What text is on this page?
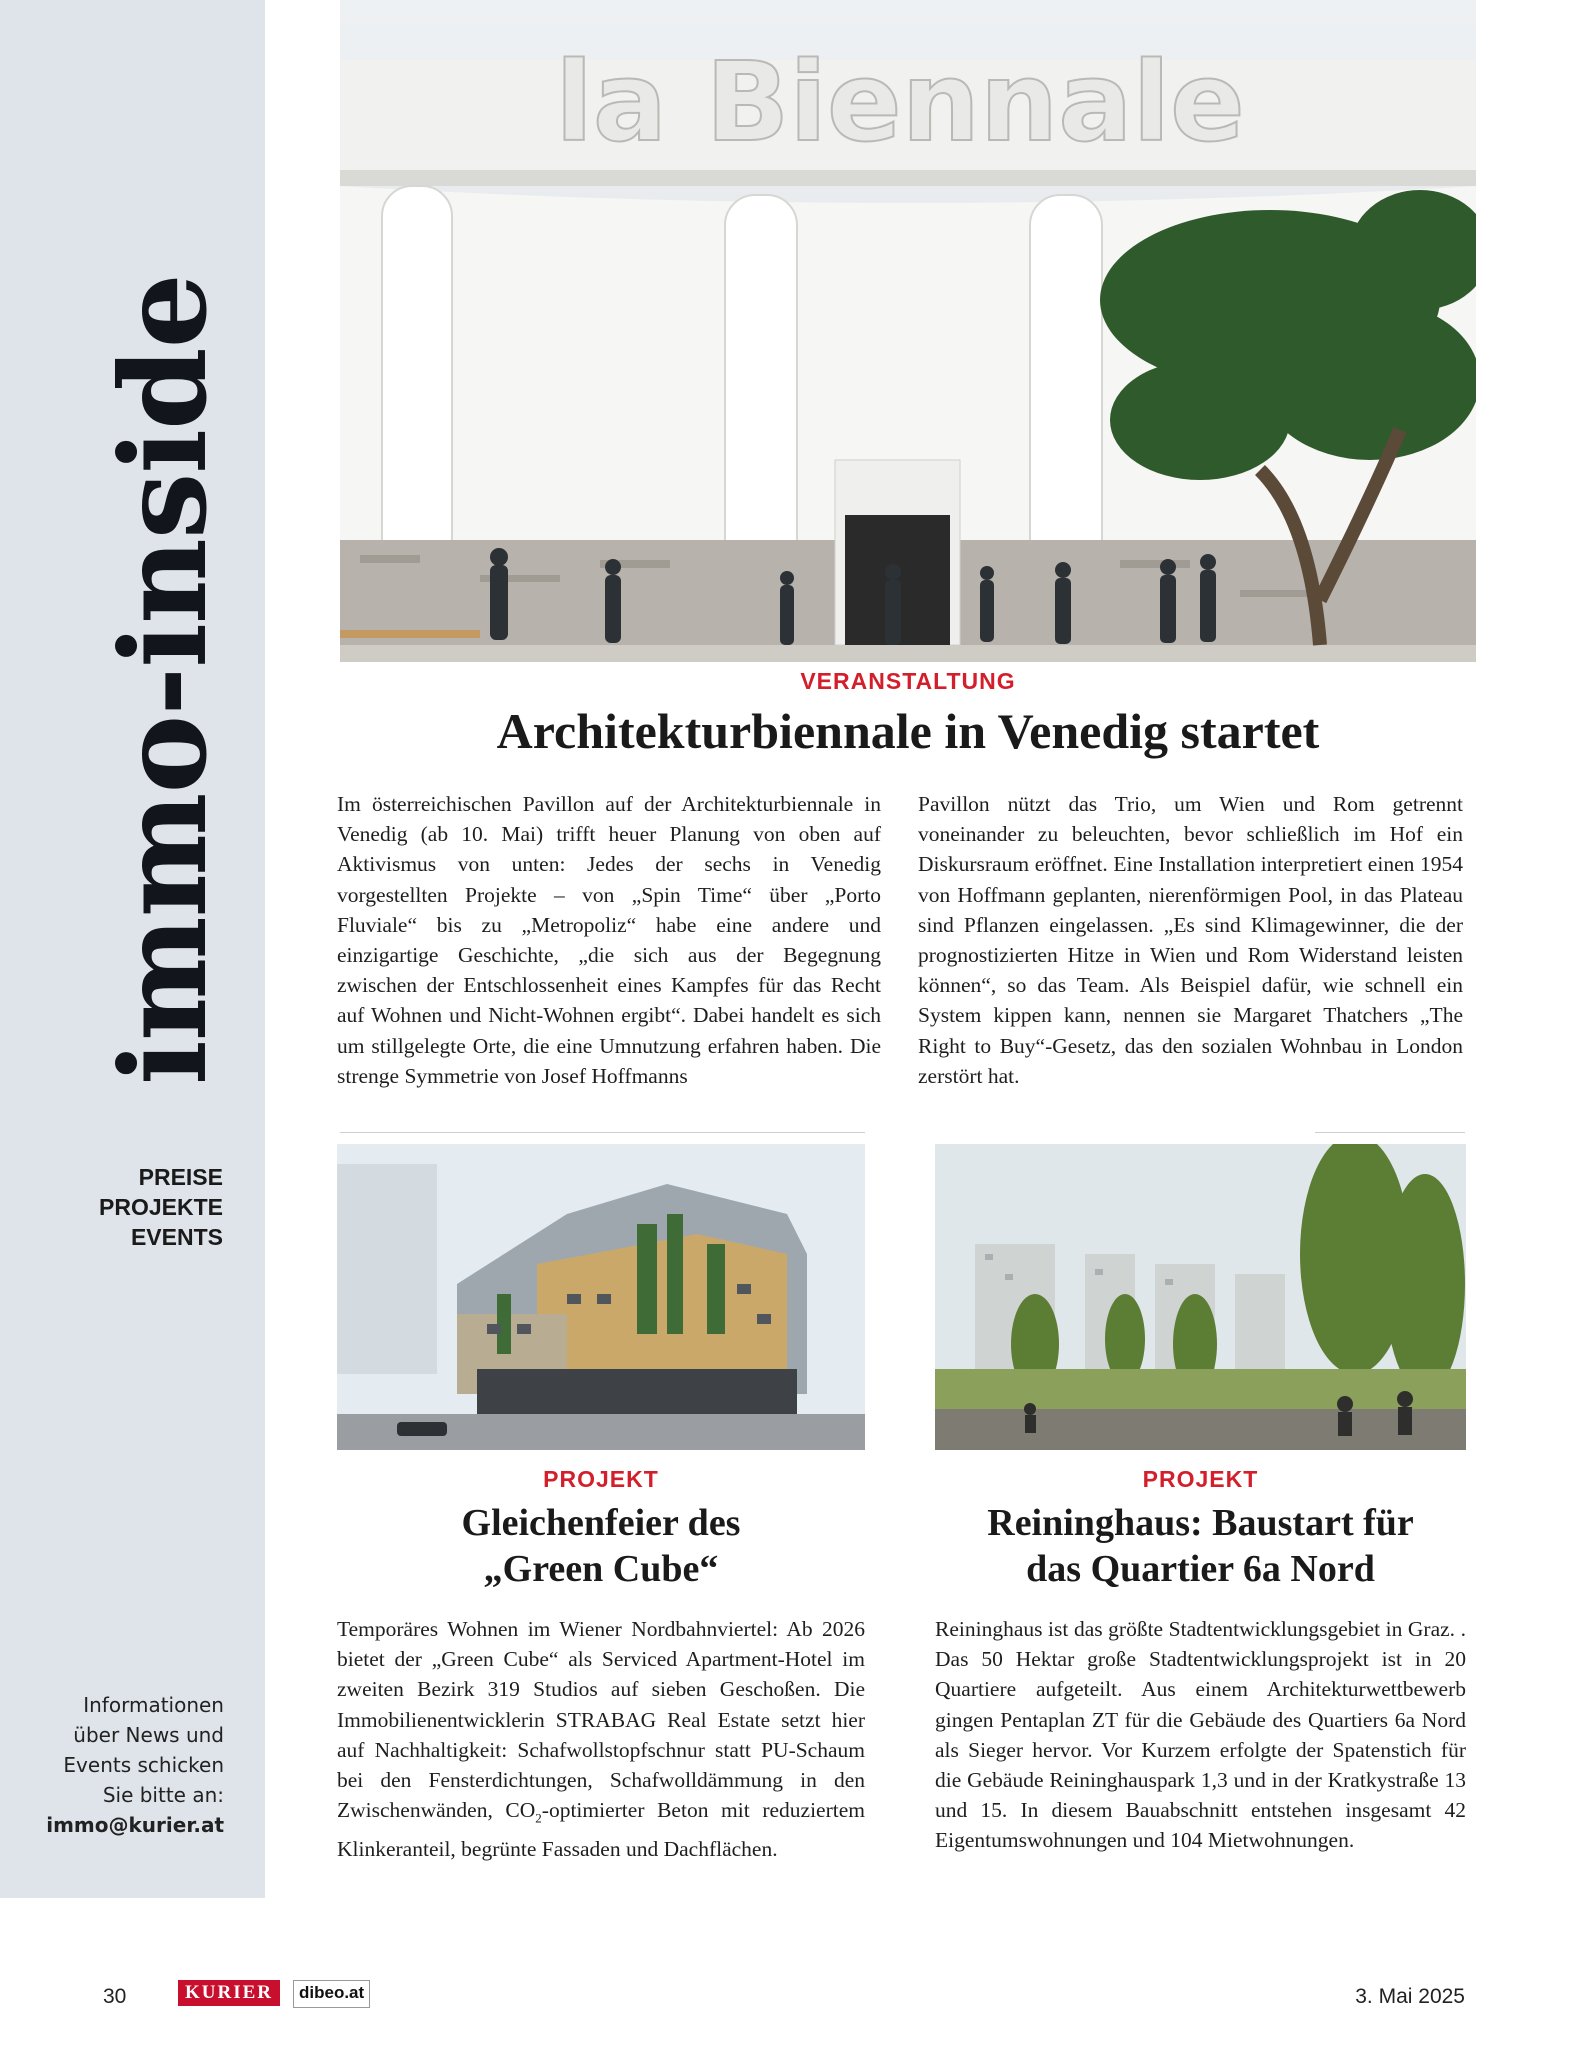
immo-inside
PREISE
PROJEKTE
EVENTS
Informationen
über News und
Events schicken
Sie bitte an:
immo@kurier.at
la Biennale
VERANSTALTUNG
Architekturbiennale in Venedig startet
Im österreichischen Pavillon auf der Architekturbiennale in Venedig (ab 10. Mai) trifft heuer Planung von oben auf Aktivismus von unten: Jedes der sechs in Venedig vorgestellten Projekte – von „Spin Time“ über „Porto Fluviale“ bis zu „Metropoliz“ habe eine andere und einzigartige Geschichte, „die sich aus der Begegnung zwischen der Entschlossenheit eines Kampfes für das Recht auf Wohnen und Nicht-Wohnen ergibt“. Dabei handelt es sich um stillgelegte Orte, die eine Umnutzung erfahren haben. Die strenge Symmetrie von Josef Hoffmanns
Pavillon nützt das Trio, um Wien und Rom getrennt voneinander zu beleuchten, bevor schließlich im Hof ein Diskursraum eröffnet. Eine Installation interpretiert einen 1954 von Hoffmann geplanten, nierenförmigen Pool, in das Plateau sind Pflanzen eingelassen. „Es sind Klimagewinner, die der prognostizierten Hitze in Wien und Rom Widerstand leisten können“, so das Team. Als Beispiel dafür, wie schnell ein System kippen kann, nennen sie Margaret Thatchers „The Right to Buy“-Gesetz, das den sozialen Wohnbau in London zerstört hat.
PROJEKT
Gleichenfeier des
„Green Cube“
Temporäres Wohnen im Wiener Nordbahnviertel: Ab 2026 bietet der „Green Cube“ als Serviced Apartment-Hotel im zweiten Bezirk 319 Studios auf sieben Geschoßen. Die Immobilienentwicklerin STRABAG Real Estate setzt hier auf Nachhaltigkeit: Schafwollstopfschnur statt PU-Schaum bei den Fensterdichtungen, Schafwolldämmung in den Zwischenwänden, $CO_2$-optimierter Beton mit reduziertem Klinkeranteil, begrünte Fassaden und Dachflächen.
PROJEKT
Reininghaus: Baustart für
das Quartier 6a Nord
Reininghaus ist das größte Stadtentwicklungsgebiet in Graz. . Das 50 Hektar große Stadtentwicklungsprojekt ist in 20 Quartiere aufgeteilt. Aus einem Architekturwettbewerb gingen Pentaplan ZT für die Gebäude des Quartiers 6a Nord als Sieger hervor. Vor Kurzem erfolgte der Spatenstich für die Gebäude Reininghauspark 1,3 und in der Kratkystraße 13 und 15. In diesem Bauabschnitt entstehen insgesamt 42 Eigentumswohnungen und 104 Mietwohnungen.
30	KURIER	dibeo.at	3. Mai 2025
